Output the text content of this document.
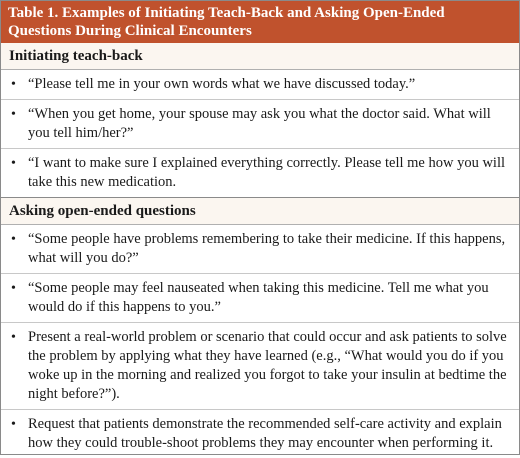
Table 1. Examples of Initiating Teach-Back and Asking Open-Ended Questions During Clinical Encounters
Initiating teach-back
• “Please tell me in your own words what we have discussed today.”
• “When you get home, your spouse may ask you what the doctor said. What will you tell him/her?”
• “I want to make sure I explained everything correctly. Please tell me how you will take this new medication.
Asking open-ended questions
• “Some people have problems remembering to take their medicine. If this happens, what will you do?”
• “Some people may feel nauseated when taking this medicine. Tell me what you would do if this happens to you.”
• Present a real-world problem or scenario that could occur and ask patients to solve the problem by applying what they have learned (e.g., “What would you do if you woke up in the morning and realized you forgot to take your insulin at bedtime the night before?”).
• Request that patients demonstrate the recommended self-care activity and explain how they could trouble-shoot problems they may encounter when performing it.
